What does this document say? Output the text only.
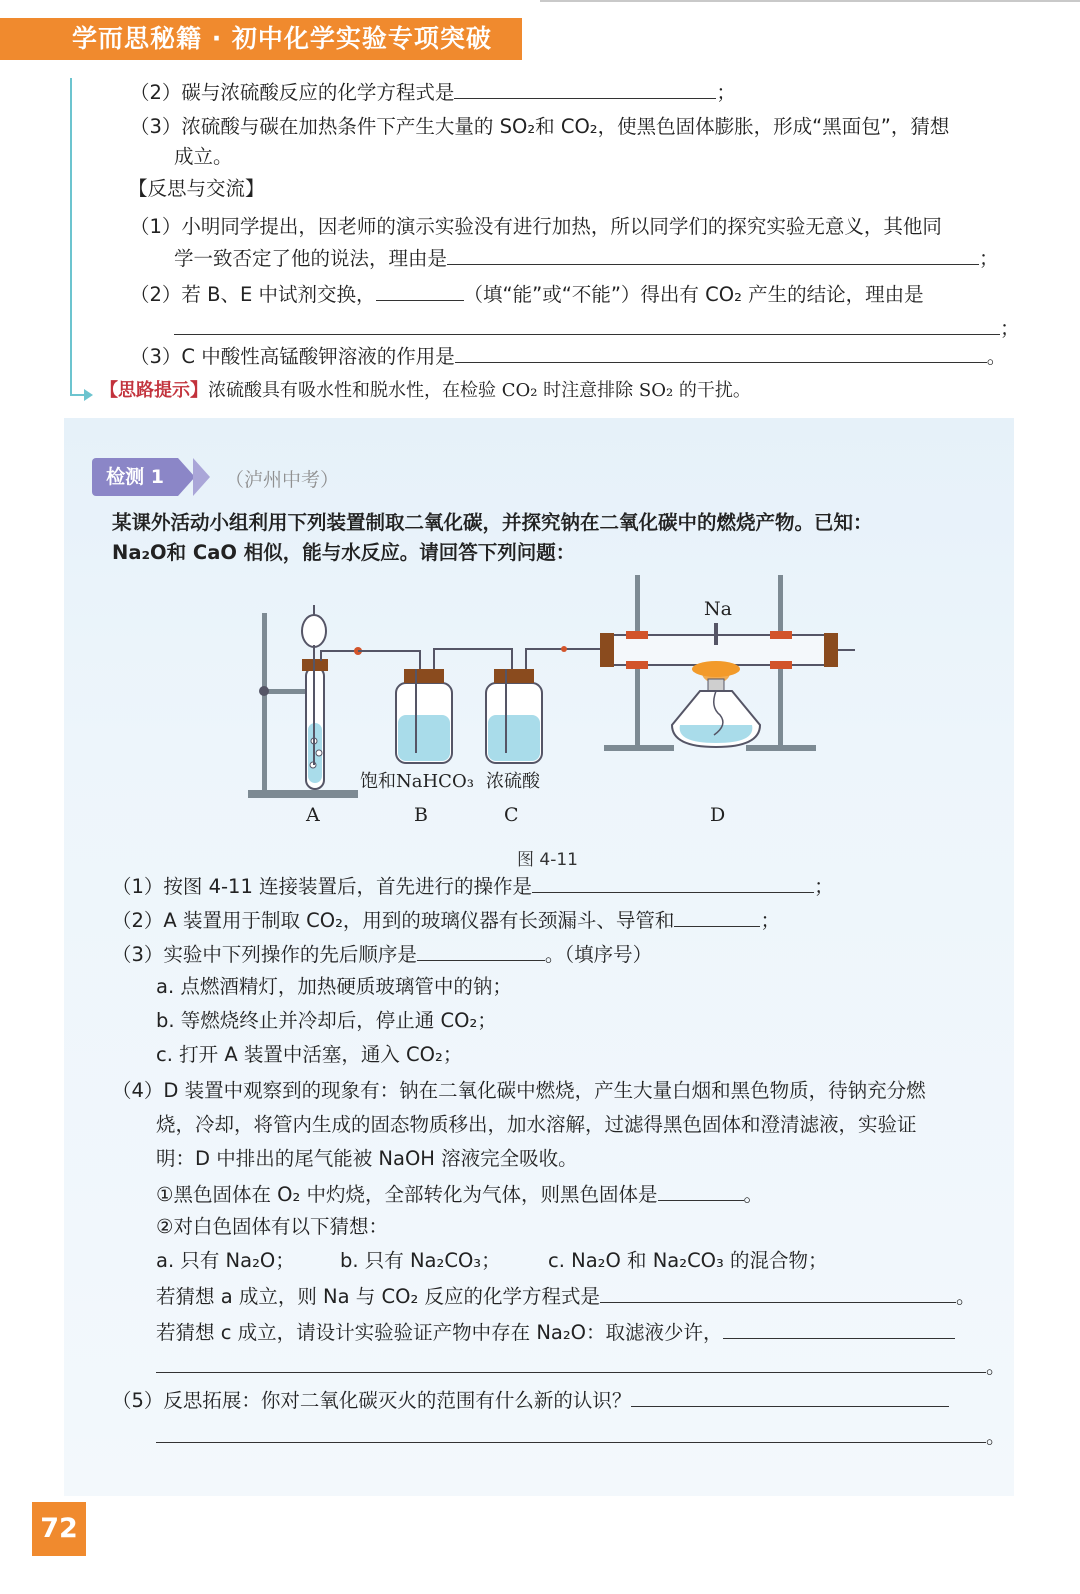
学而思秘籍 · 初中化学实验专项突破
（2）碳与浓硫酸反应的化学方程式是	；
（3）浓硫酸与碳在加热条件下产生大量的 SO₂和 CO₂，使黑色固体膨胀，形成“黑面包”，猜想
成立。
【反思与交流】
（1）小明同学提出，因老师的演示实验没有进行加热，所以同学们的探究实验无意义，其他同
学一致否定了他的说法，理由是	；
（2）若 B、E 中试剂交换，	（填“能”或“不能”）得出有 CO₂ 产生的结论，理由是
；
（3）C 中酸性高锰酸钾溶液的作用是	。
【思路提示】浓硫酸具有吸水性和脱水性，在检验 CO₂ 时注意排除 SO₂ 的干扰。
检测 1	（泸州中考）
某课外活动小组利用下列装置制取二氧化碳，并探究钠在二氧化碳中的燃烧产物。已知：
Na₂O和 CaO 相似，能与水反应。请回答下列问题：
A	B
饱和NaHCO₃
C
浓硫酸
Na
D
图 4-11
（1）按图 4-11 连接装置后，首先进行的操作是	；
（2）A 装置用于制取 CO₂，用到的玻璃仪器有长颈漏斗、导管和	；
（3）实验中下列操作的先后顺序是	。（填序号）
a. 点燃酒精灯，加热硬质玻璃管中的钠；
b. 等燃烧终止并冷却后，停止通 CO₂；
c. 打开 A 装置中活塞，通入 CO₂；
（4）D 装置中观察到的现象有：钠在二氧化碳中燃烧，产生大量白烟和黑色物质，待钠充分燃
烧，冷却，将管内生成的固态物质移出，加水溶解，过滤得黑色固体和澄清滤液，实验证
明：D 中排出的尾气能被 NaOH 溶液完全吸收。
①黑色固体在 O₂ 中灼烧，全部转化为气体，则黑色固体是	。
②对白色固体有以下猜想：
a. 只有 Na₂O； b. 只有 Na₂CO₃； c. Na₂O 和 Na₂CO₃ 的混合物；
若猜想 a 成立，则 Na 与 CO₂ 反应的化学方程式是	。
若猜想 c 成立，请设计实验验证产物中存在 Na₂O：取滤液少许，
。
（5）反思拓展：你对二氧化碳灭火的范围有什么新的认识？
。
72
